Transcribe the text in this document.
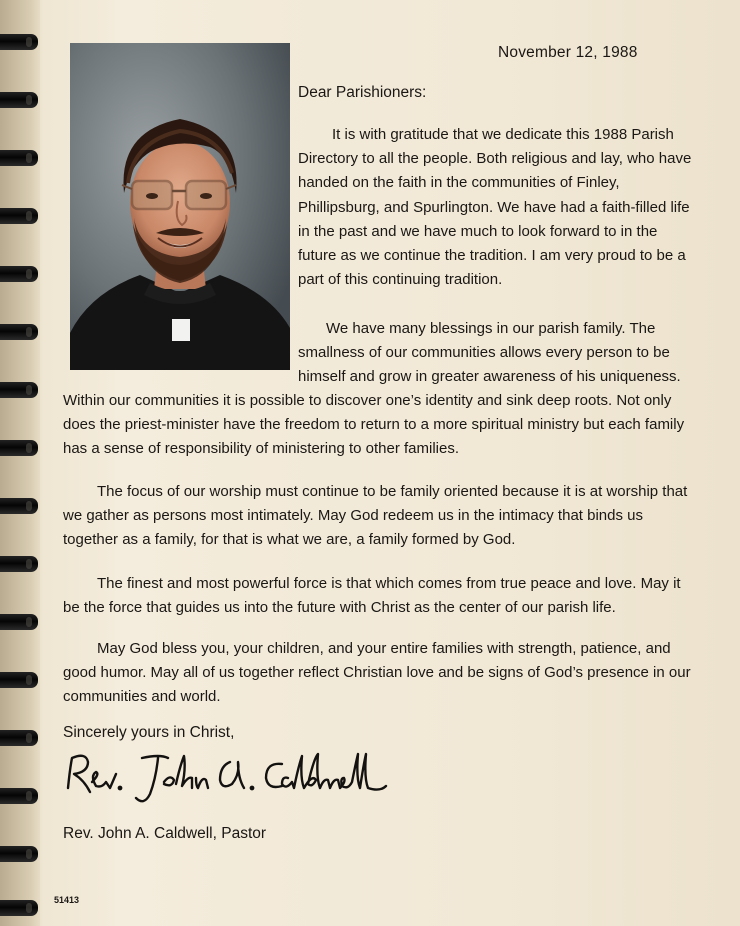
November 12, 1988
Dear Parishioners:

It is with gratitude that we dedicate this 1988 Parish Directory to all the people. Both religious and lay, who have handed on the faith in the communities of Finley, Phillipsburg, and Spurlington. We have had a faith-filled life in the past and we have much to look forward to in the future as we continue the tradition. I am very proud to be a part of this continuing tradition.

We have many blessings in our parish family. The smallness of our communities allows every person to be himself and grow in greater awareness of his uniqueness.

Within our communities it is possible to discover one’s identity and sink deep roots. Not only does the priest-minister have the freedom to return to a more spiritual ministry but each family has a sense of responsibility of ministering to other families.

The focus of our worship must continue to be family oriented because it is at worship that we gather as persons most intimately. May God redeem us in the intimacy that binds us together as a family, for that is what we are, a family formed by God.

The finest and most powerful force is that which comes from true peace and love. May it be the force that guides us into the future with Christ as the center of our parish life.

May God bless you, your children, and your entire families with strength, patience, and good humor. May all of us together reflect Christian love and be signs of God’s presence in our communities and world.

Sincerely yours in Christ,
Rev. John A. Caldwell, Pastor
51413
